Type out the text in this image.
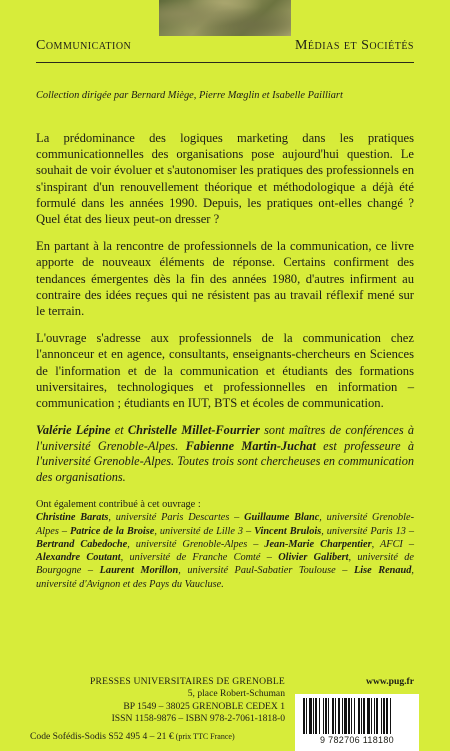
Communication	Médias et Sociétés
Collection dirigée par Bernard Miège, Pierre Mœglin et Isabelle Pailliart

La prédominance des logiques marketing dans les pratiques communicationnelles des organisations pose aujourd'hui question. Le souhait de voir évoluer et s'autonomiser les pratiques des professionnels en s'inspirant d'un renouvellement théorique et méthodologique a déjà été formulé dans les années 1990. Depuis, les pratiques ont-elles changé ? Quel état des lieux peut-on dresser ?

En partant à la rencontre de professionnels de la communication, ce livre apporte de nouveaux éléments de réponse. Certains confirment des tendances émergentes dès la fin des années 1980, d'autres infirment au contraire des idées reçues qui ne résistent pas au travail réflexif mené sur le terrain.

L'ouvrage s'adresse aux professionnels de la communication chez l'annonceur et en agence, consultants, enseignants-chercheurs en Sciences de l'information et de la communication et étudiants des formations universitaires, technologiques et professionnelles en information – communication ; étudiants en IUT, BTS et écoles de communication.

Valérie Lépine et Christelle Millet-Fourrier sont maîtres de conférences à l'université Grenoble-Alpes. Fabienne Martin-Juchat est professeure à l'université Grenoble-Alpes. Toutes trois sont chercheuses en communication des organisations.
Ont également contribué à cet ouvrage :
Christine Barats, université Paris Descartes – Guillaume Blanc, université Grenoble-Alpes – Patrice de la Broise, université de Lille 3 – Vincent Brulois, université Paris 13 – Bertrand Cabedoche, université Grenoble-Alpes – Jean-Marie Charpentier, AFCI – Alexandre Coutant, université de Franche Comté – Olivier Galibert, université de Bourgogne – Laurent Morillon, université Paul-Sabatier Toulouse – Lise Renaud, université d'Avignon et des Pays du Vaucluse.
PRESSES UNIVERSITAIRES DE GRENOBLE
5, place Robert-Schuman
BP 1549 – 38025 GRENOBLE CEDEX 1
ISSN 1158-9876 – ISBN 978-2-7061-1818-0
www.pug.fr
9 782706 118180
Code Sofédis-Sodis S52 495 4 – 21 € (prix TTC France)
